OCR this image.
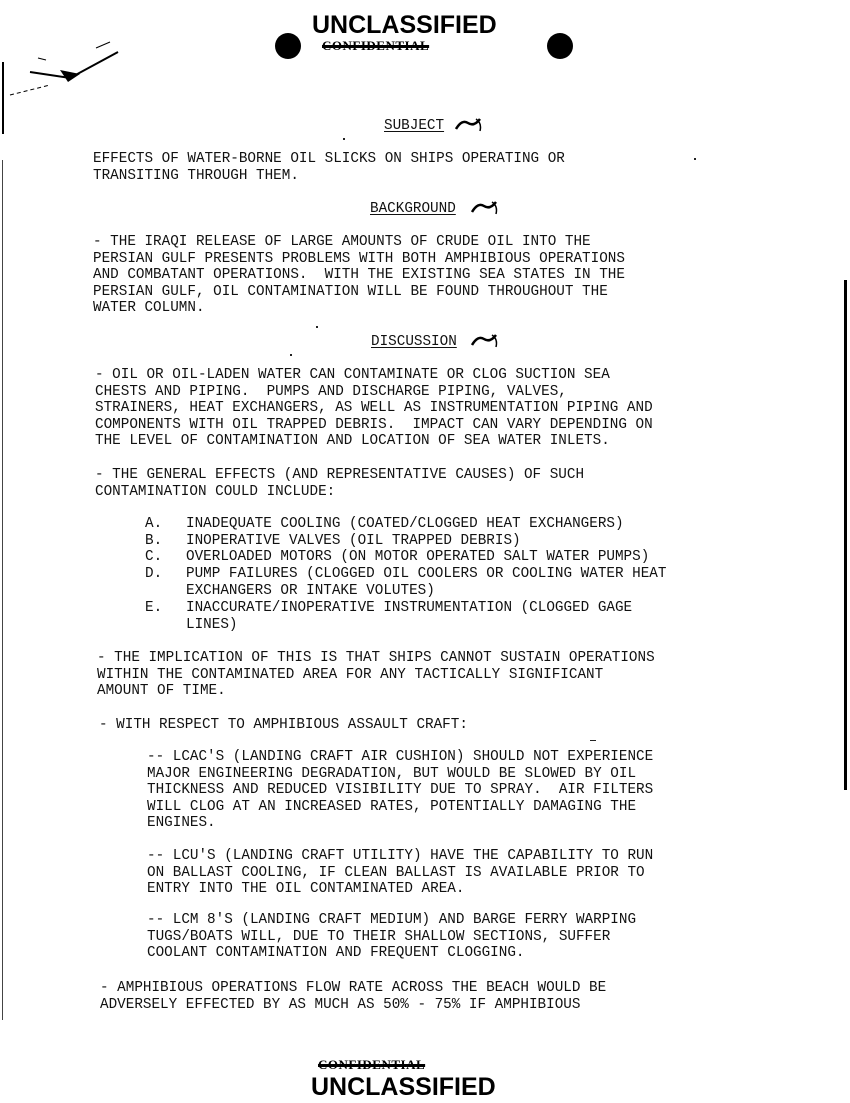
UNCLASSIFIED
CONFIDENTIAL
SUBJECT
EFFECTS OF WATER-BORNE OIL SLICKS ON SHIPS OPERATING OR
TRANSITING THROUGH THEM.
BACKGROUND
- THE IRAQI RELEASE OF LARGE AMOUNTS OF CRUDE OIL INTO THE
PERSIAN GULF PRESENTS PROBLEMS WITH BOTH AMPHIBIOUS OPERATIONS
AND COMBATANT OPERATIONS.  WITH THE EXISTING SEA STATES IN THE
PERSIAN GULF, OIL CONTAMINATION WILL BE FOUND THROUGHOUT THE
WATER COLUMN.
DISCUSSION
- OIL OR OIL-LADEN WATER CAN CONTAMINATE OR CLOG SUCTION SEA
CHESTS AND PIPING.  PUMPS AND DISCHARGE PIPING, VALVES,
STRAINERS, HEAT EXCHANGERS, AS WELL AS INSTRUMENTATION PIPING AND
COMPONENTS WITH OIL TRAPPED DEBRIS.  IMPACT CAN VARY DEPENDING ON
THE LEVEL OF CONTAMINATION AND LOCATION OF SEA WATER INLETS.
- THE GENERAL EFFECTS (AND REPRESENTATIVE CAUSES) OF SUCH
CONTAMINATION COULD INCLUDE:
A. INADEQUATE COOLING (COATED/CLOGGED HEAT EXCHANGERS)
B. INOPERATIVE VALVES (OIL TRAPPED DEBRIS)
C. OVERLOADED MOTORS (ON MOTOR OPERATED SALT WATER PUMPS)
D. PUMP FAILURES (CLOGGED OIL COOLERS OR COOLING WATER HEAT
EXCHANGERS OR INTAKE VOLUTES)
E. INACCURATE/INOPERATIVE INSTRUMENTATION (CLOGGED GAGE
LINES)
- THE IMPLICATION OF THIS IS THAT SHIPS CANNOT SUSTAIN OPERATIONS
WITHIN THE CONTAMINATED AREA FOR ANY TACTICALLY SIGNIFICANT
AMOUNT OF TIME.
- WITH RESPECT TO AMPHIBIOUS ASSAULT CRAFT:
-- LCAC'S (LANDING CRAFT AIR CUSHION) SHOULD NOT EXPERIENCE
MAJOR ENGINEERING DEGRADATION, BUT WOULD BE SLOWED BY OIL
THICKNESS AND REDUCED VISIBILITY DUE TO SPRAY.  AIR FILTERS
WILL CLOG AT AN INCREASED RATES, POTENTIALLY DAMAGING THE
ENGINES.
-- LCU'S (LANDING CRAFT UTILITY) HAVE THE CAPABILITY TO RUN
ON BALLAST COOLING, IF CLEAN BALLAST IS AVAILABLE PRIOR TO
ENTRY INTO THE OIL CONTAMINATED AREA.
-- LCM 8'S (LANDING CRAFT MEDIUM) AND BARGE FERRY WARPING
TUGS/BOATS WILL, DUE TO THEIR SHALLOW SECTIONS, SUFFER
COOLANT CONTAMINATION AND FREQUENT CLOGGING.
- AMPHIBIOUS OPERATIONS FLOW RATE ACROSS THE BEACH WOULD BE
ADVERSELY EFFECTED BY AS MUCH AS 50% - 75% IF AMPHIBIOUS
CONFIDENTIAL
UNCLASSIFIED
